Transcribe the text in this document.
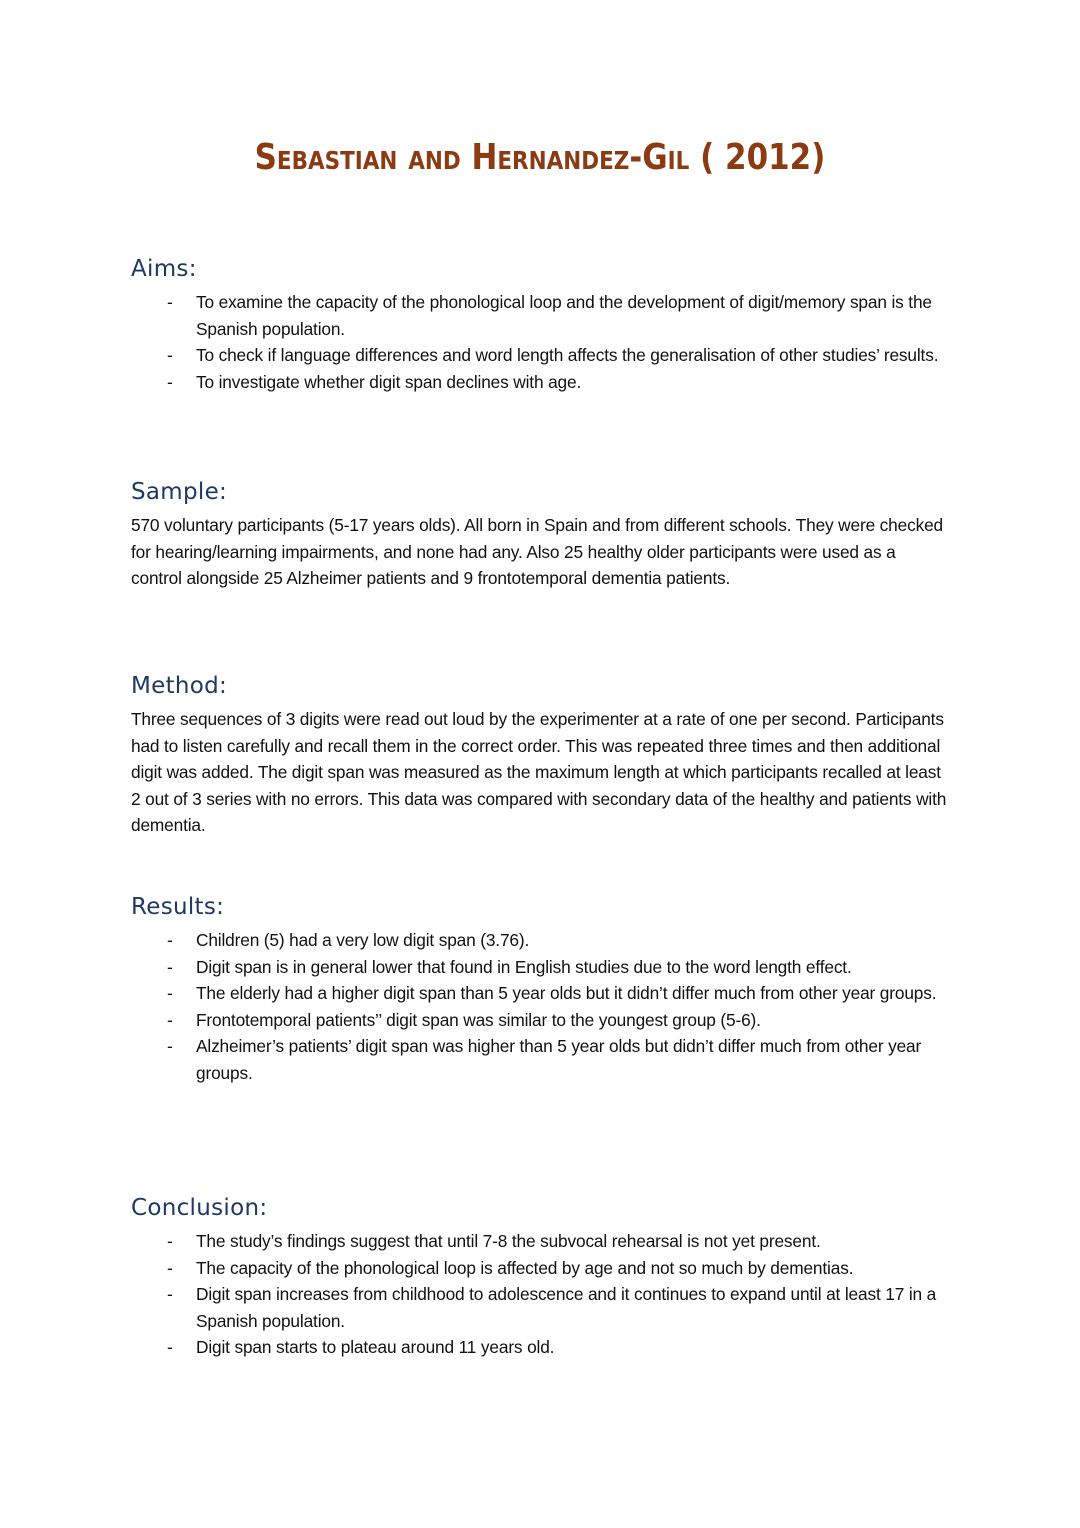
Sebastian and Hernandez-Gil ( 2012)
Aims:
- To examine the capacity of the phonological loop and the development of digit/memory span is the Spanish population.
- To check if language differences and word length affects the generalisation of other studies’ results.
- To investigate whether digit span declines with age.
Sample:

570 voluntary participants (5-17 years olds). All born in Spain and from different schools. They were checked for hearing/learning impairments, and none had any. Also 25 healthy older participants were used as a control alongside 25 Alzheimer patients and 9 frontotemporal dementia patients.

Method:

Three sequences of 3 digits were read out loud by the experimenter at a rate of one per second. Participants had to listen carefully and recall them in the correct order. This was repeated three times and then additional digit was added. The digit span was measured as the maximum length at which participants recalled at least 2 out of 3 series with no errors. This data was compared with secondary data of the healthy and patients with dementia.

Results:
- Children (5) had a very low digit span (3.76).
- Digit span is in general lower that found in English studies due to the word length effect.
- The elderly had a higher digit span than 5 year olds but it didn’t differ much from other year groups.
- Frontotemporal patients’’ digit span was similar to the youngest group (5-6).
- Alzheimer’s patients’ digit span was higher than 5 year olds but didn’t differ much from other year groups.
Conclusion:
- The study’s findings suggest that until 7-8 the subvocal rehearsal is not yet present.
- The capacity of the phonological loop is affected by age and not so much by dementias.
- Digit span increases from childhood to adolescence and it continues to expand until at least 17 in a Spanish population.
- Digit span starts to plateau around 11 years old.
